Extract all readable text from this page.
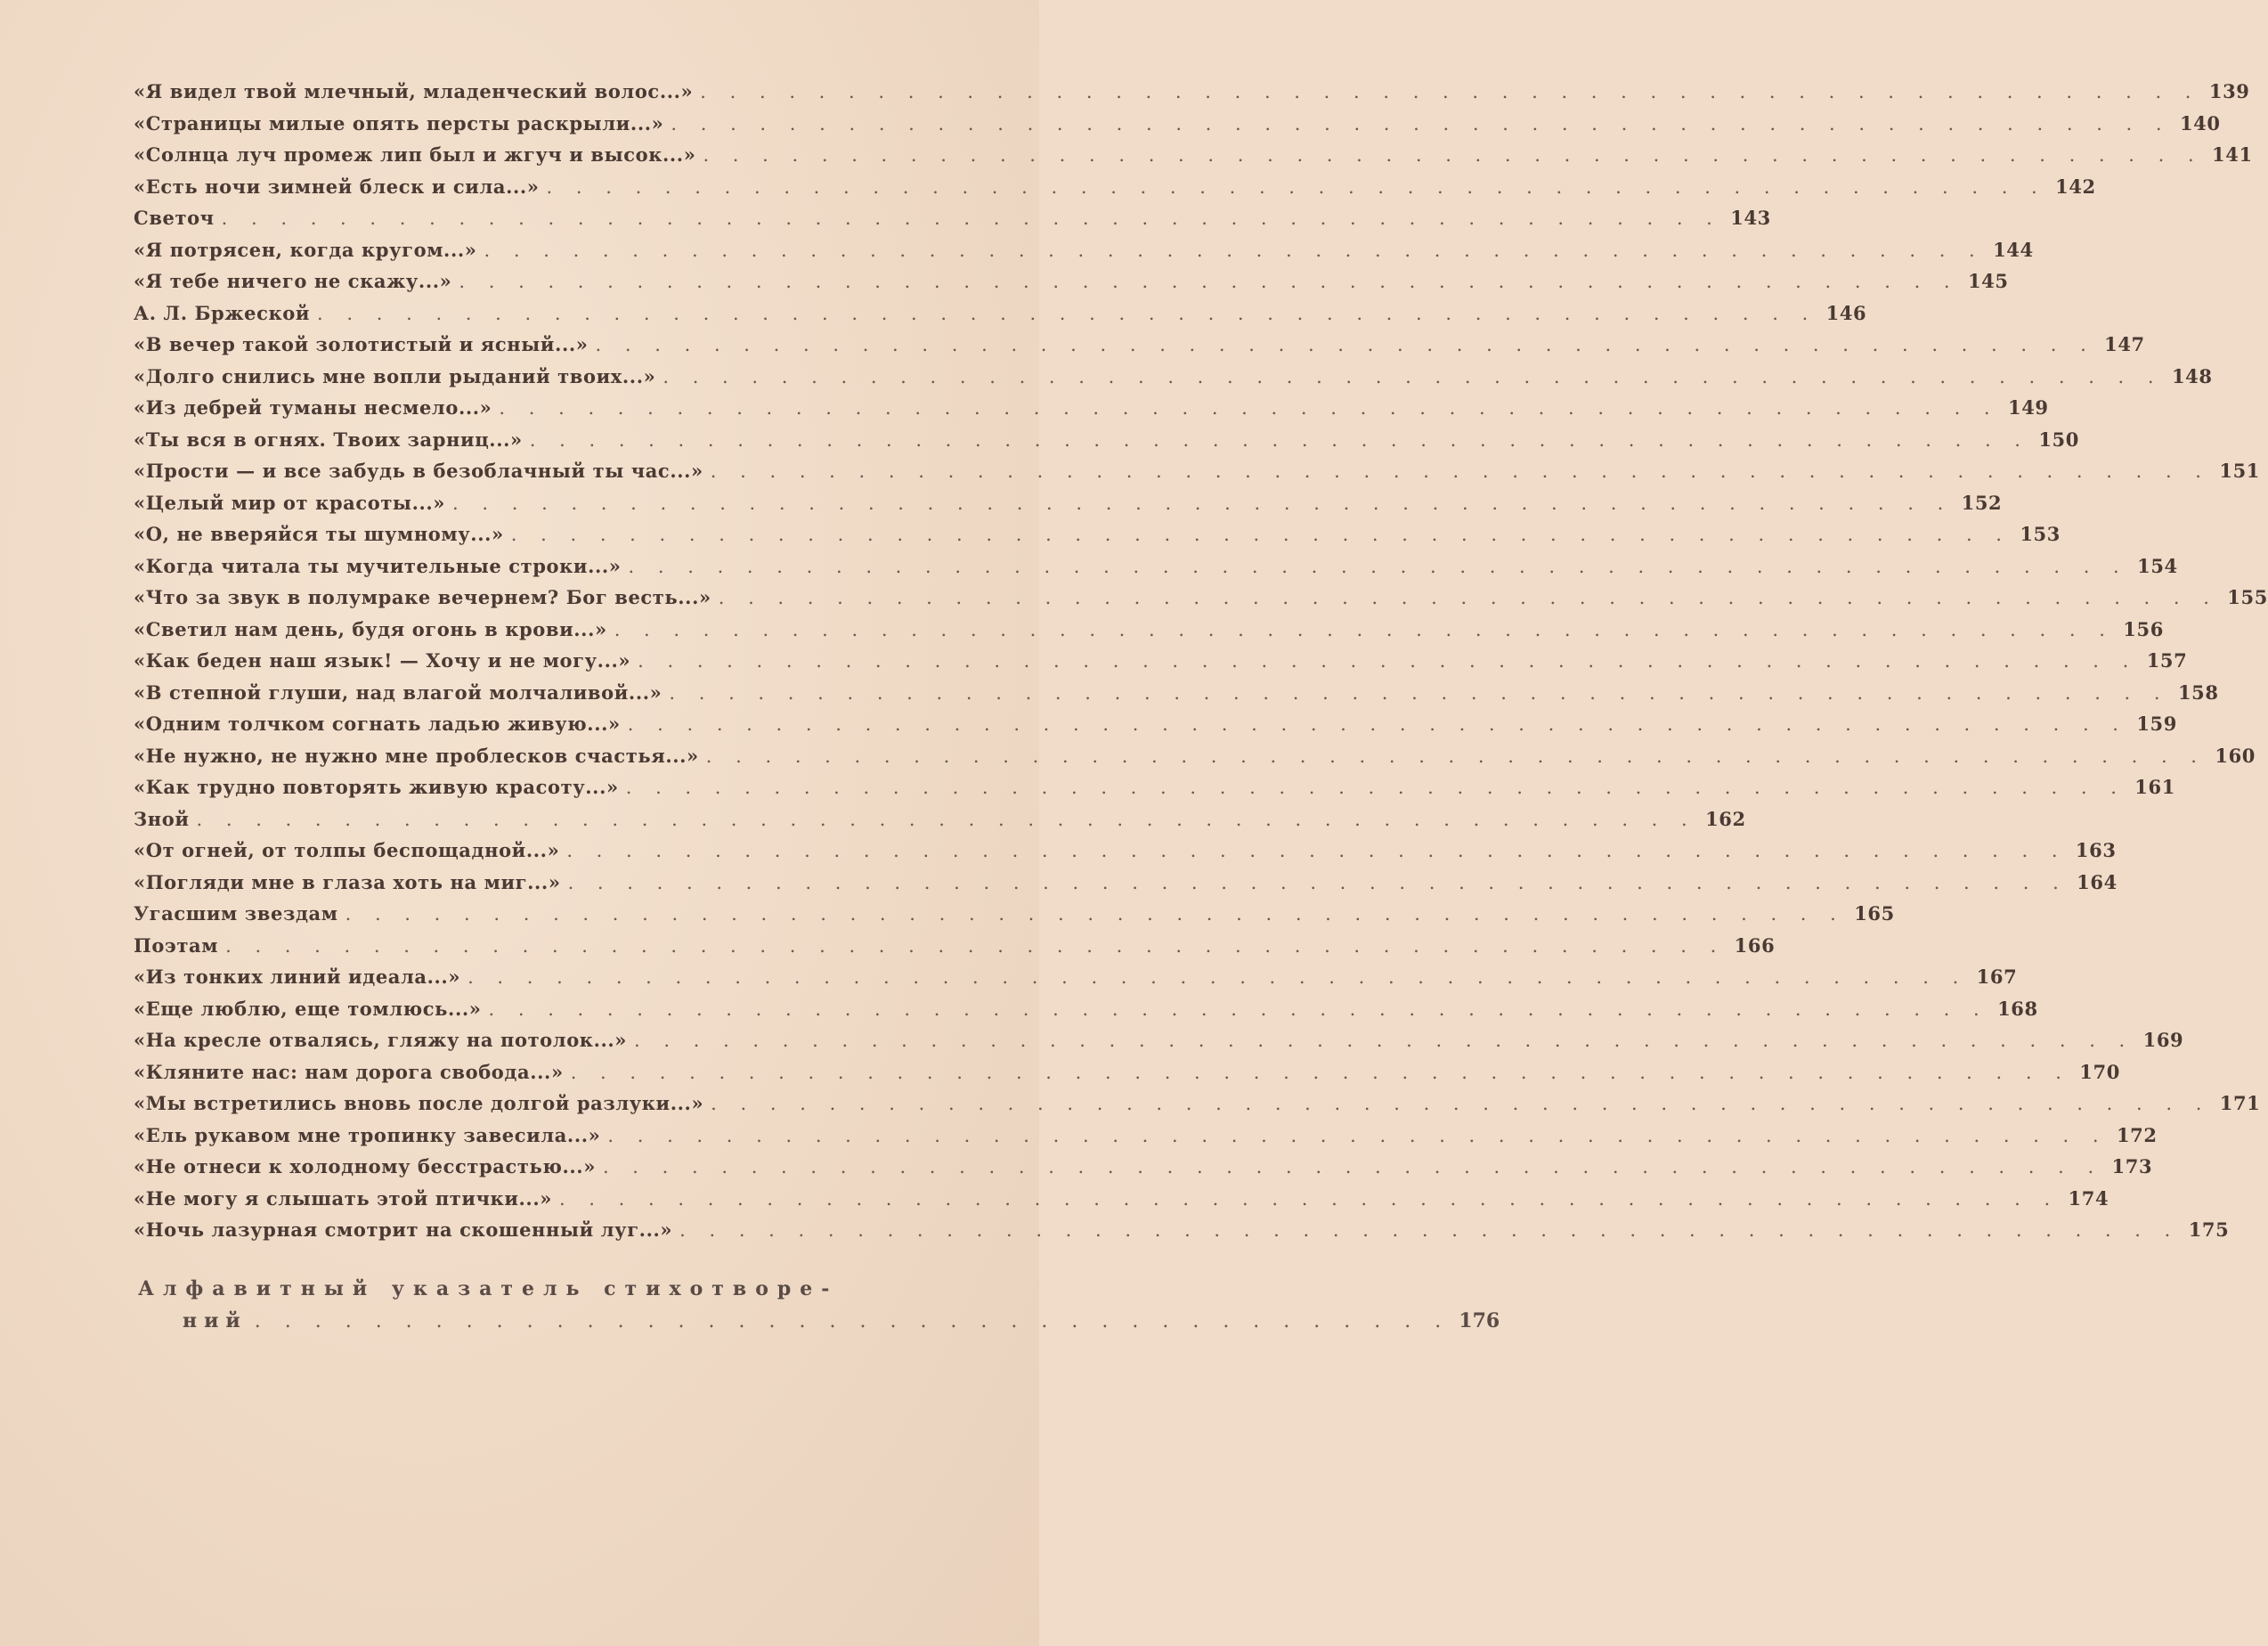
«Я видел твой млечный, младенческий волос...» . . . . . . . . . . . . . . . . . . . . . . . . . . . . . . . . . . . . . . . . . . . . . . . . . . . 139
«Страницы милые опять персты раскрыли...» . . . . . . . . . . . . . . . . . . . . . . . . . . . . . . . . . . . . . . . . . . . . . . . . . . . 140
«Солнца луч промеж лип был и жгуч и высок...» . . . . . . . . . . . . . . . . . . . . . . . . . . . . . . . . . . . . . . . . . . . . . . . . . . . 141
«Есть ночи зимней блеск и сила...» . . . . . . . . . . . . . . . . . . . . . . . . . . . . . . . . . . . . . . . . . . . . . . . . . . . 142
Светоч . . . . . . . . . . . . . . . . . . . . . . . . . . . . . . . . . . . . . . . . . . . . . . . . . . . 143
«Я потрясен, когда кругом...» . . . . . . . . . . . . . . . . . . . . . . . . . . . . . . . . . . . . . . . . . . . . . . . . . . . 144
«Я тебе ничего не скажу...» . . . . . . . . . . . . . . . . . . . . . . . . . . . . . . . . . . . . . . . . . . . . . . . . . . . 145
А. Л. Бржеской . . . . . . . . . . . . . . . . . . . . . . . . . . . . . . . . . . . . . . . . . . . . . . . . . . . 146
«В вечер такой золотистый и ясный...» . . . . . . . . . . . . . . . . . . . . . . . . . . . . . . . . . . . . . . . . . . . . . . . . . . . 147
«Долго снились мне вопли рыданий твоих...» . . . . . . . . . . . . . . . . . . . . . . . . . . . . . . . . . . . . . . . . . . . . . . . . . . . 148
«Из дебрей туманы несмело...» . . . . . . . . . . . . . . . . . . . . . . . . . . . . . . . . . . . . . . . . . . . . . . . . . . . 149
«Ты вся в огнях. Твоих зарниц...» . . . . . . . . . . . . . . . . . . . . . . . . . . . . . . . . . . . . . . . . . . . . . . . . . . . 150
«Прости — и все забудь в безоблачный ты час...» . . . . . . . . . . . . . . . . . . . . . . . . . . . . . . . . . . . . . . . . . . . . . . . . . . . 151
«Целый мир от красоты...» . . . . . . . . . . . . . . . . . . . . . . . . . . . . . . . . . . . . . . . . . . . . . . . . . . . 152
«О, не вверяйся ты шумному...» . . . . . . . . . . . . . . . . . . . . . . . . . . . . . . . . . . . . . . . . . . . . . . . . . . . 153
«Когда читала ты мучительные строки...» . . . . . . . . . . . . . . . . . . . . . . . . . . . . . . . . . . . . . . . . . . . . . . . . . . . 154
«Что за звук в полумраке вечернем? Бог весть...» . . . . . . . . . . . . . . . . . . . . . . . . . . . . . . . . . . . . . . . . . . . . . . . . . . . 155
«Светил нам день, будя огонь в крови...» . . . . . . . . . . . . . . . . . . . . . . . . . . . . . . . . . . . . . . . . . . . . . . . . . . . 156
«Как беден наш язык! — Хочу и не могу...» . . . . . . . . . . . . . . . . . . . . . . . . . . . . . . . . . . . . . . . . . . . . . . . . . . . 157
«В степной глуши, над влагой молчаливой...» . . . . . . . . . . . . . . . . . . . . . . . . . . . . . . . . . . . . . . . . . . . . . . . . . . . 158
«Одним толчком согнать ладью живую...» . . . . . . . . . . . . . . . . . . . . . . . . . . . . . . . . . . . . . . . . . . . . . . . . . . . 159
«Не нужно, не нужно мне проблесков счастья...» . . . . . . . . . . . . . . . . . . . . . . . . . . . . . . . . . . . . . . . . . . . . . . . . . . . 160
«Как трудно повторять живую красоту...» . . . . . . . . . . . . . . . . . . . . . . . . . . . . . . . . . . . . . . . . . . . . . . . . . . . 161
Зной . . . . . . . . . . . . . . . . . . . . . . . . . . . . . . . . . . . . . . . . . . . . . . . . . . . 162
«От огней, от толпы беспощадной...» . . . . . . . . . . . . . . . . . . . . . . . . . . . . . . . . . . . . . . . . . . . . . . . . . . . 163
«Погляди мне в глаза хоть на миг...» . . . . . . . . . . . . . . . . . . . . . . . . . . . . . . . . . . . . . . . . . . . . . . . . . . . 164
Угасшим звездам . . . . . . . . . . . . . . . . . . . . . . . . . . . . . . . . . . . . . . . . . . . . . . . . . . . 165
Поэтам . . . . . . . . . . . . . . . . . . . . . . . . . . . . . . . . . . . . . . . . . . . . . . . . . . . 166
«Из тонких линий идеала...» . . . . . . . . . . . . . . . . . . . . . . . . . . . . . . . . . . . . . . . . . . . . . . . . . . . 167
«Еще люблю, еще томлюсь...» . . . . . . . . . . . . . . . . . . . . . . . . . . . . . . . . . . . . . . . . . . . . . . . . . . . 168
«На кресле отвалясь, гляжу на потолок...» . . . . . . . . . . . . . . . . . . . . . . . . . . . . . . . . . . . . . . . . . . . . . . . . . . . 169
«Кляните нас: нам дорога свобода...» . . . . . . . . . . . . . . . . . . . . . . . . . . . . . . . . . . . . . . . . . . . . . . . . . . . 170
«Мы встретились вновь после долгой разлуки...» . . . . . . . . . . . . . . . . . . . . . . . . . . . . . . . . . . . . . . . . . . . . . . . . . . . 171
«Ель рукавом мне тропинку завесила...» . . . . . . . . . . . . . . . . . . . . . . . . . . . . . . . . . . . . . . . . . . . . . . . . . . . 172
«Не отнеси к холодному бесстрастью...» . . . . . . . . . . . . . . . . . . . . . . . . . . . . . . . . . . . . . . . . . . . . . . . . . . . 173
«Не могу я слышать этой птички...» . . . . . . . . . . . . . . . . . . . . . . . . . . . . . . . . . . . . . . . . . . . . . . . . . . . 174
«Ночь лазурная смотрит на скошенный луг...» . . . . . . . . . . . . . . . . . . . . . . . . . . . . . . . . . . . . . . . . . . . . . . . . . . . 175
Алфавитный указатель стихотворе-
ний . . . . . . . . . . . . . . . . . . . . . . . . . . . . . . . . . . . . . . . . 176
